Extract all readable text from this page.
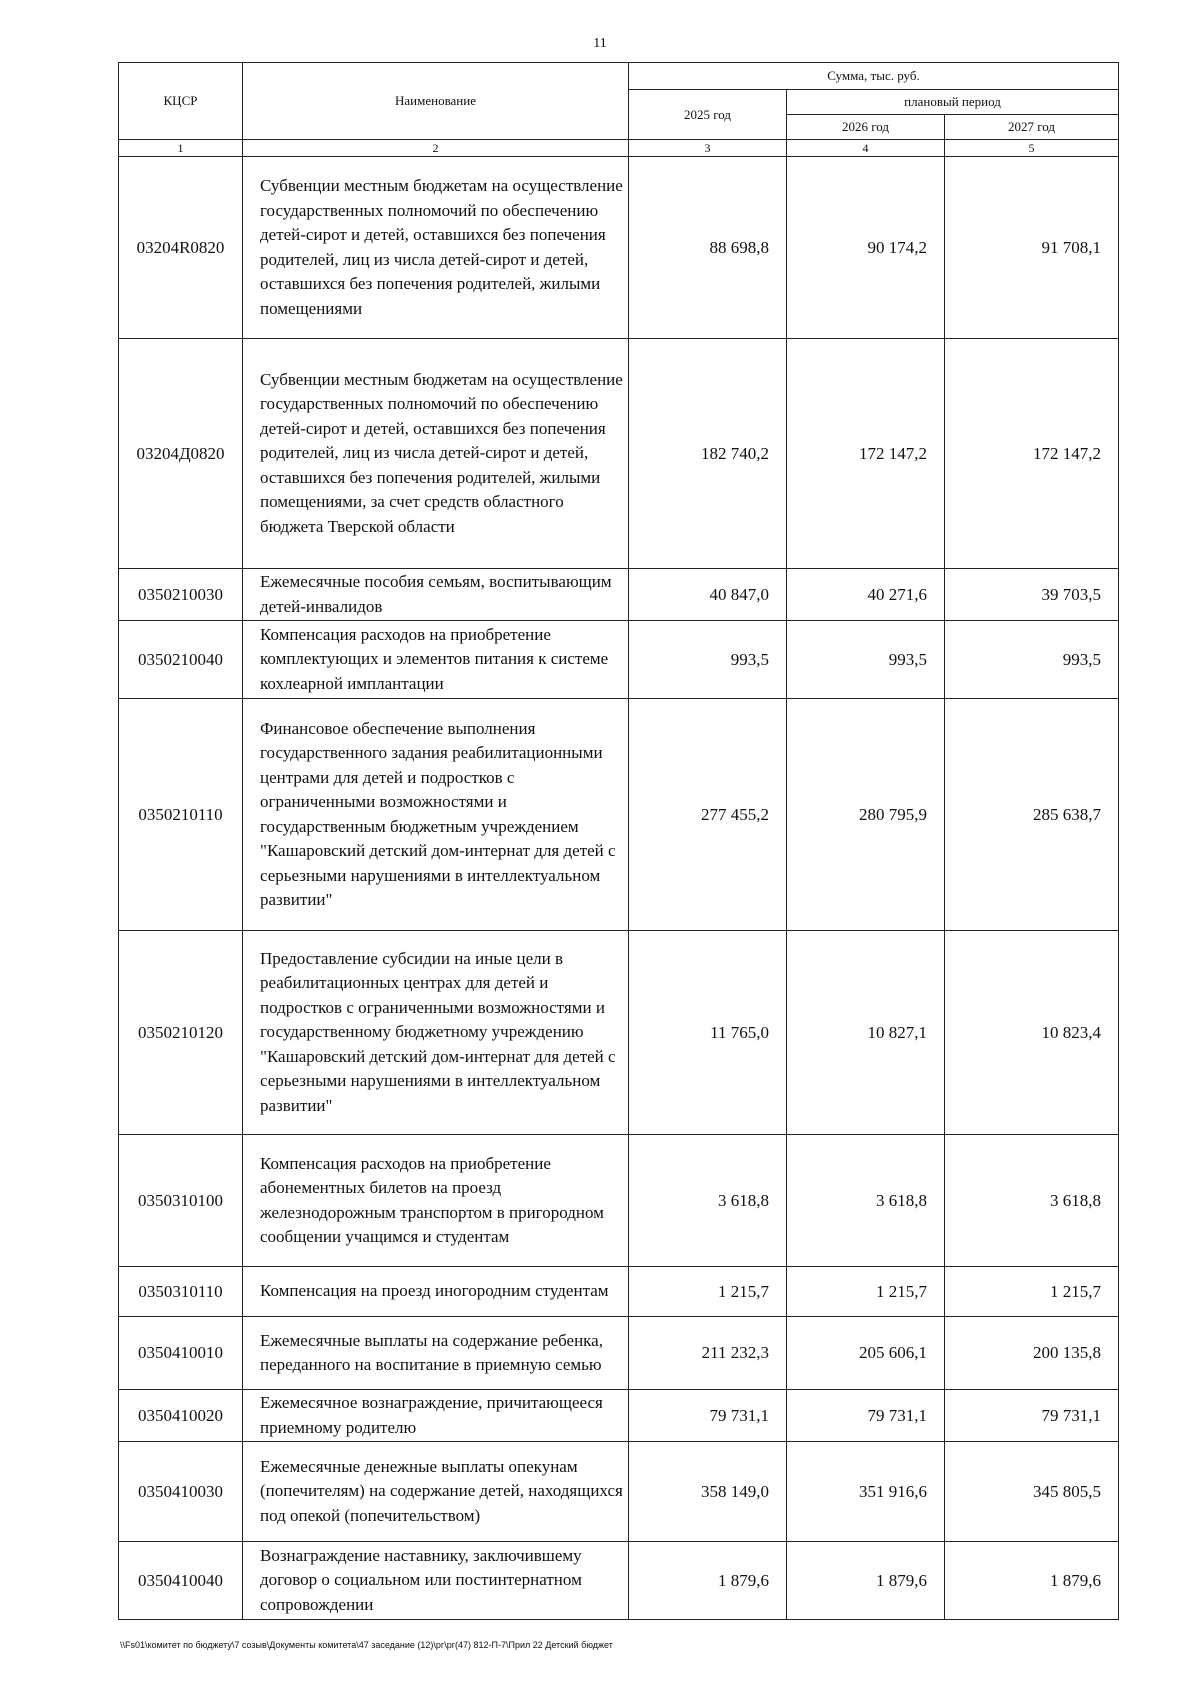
11
КЦСР	Наименование	Сумма, тыс. руб.		
		2025 год	плановый период	
			2026 год	2027 год
1	2	3	4	5
03204R0820	Субвенции местным бюджетам на осуществление государственных полномочий по обеспечению детей-сирот и детей, оставшихся без попечения родителей, лиц из числа детей-сирот и детей, оставшихся без попечения родителей, жилыми помещениями	88 698,8	90 174,2	91 708,1
03204Д0820	Субвенции местным бюджетам на осуществление государственных полномочий по обеспечению детей-сирот и детей, оставшихся без попечения родителей, лиц из числа детей-сирот и детей, оставшихся без попечения родителей, жилыми помещениями, за счет средств областного бюджета Тверской области	182 740,2	172 147,2	172 147,2
0350210030	Ежемесячные пособия семьям, воспитывающим детей-инвалидов	40 847,0	40 271,6	39 703,5
0350210040	Компенсация расходов на приобретение комплектующих и элементов питания к системе кохлеарной имплантации	993,5	993,5	993,5
0350210110	Финансовое обеспечение выполнения государственного задания реабилитационными центрами для детей и подростков с ограниченными возможностями и государственным бюджетным учреждением "Кашаровский детский дом-интернат для детей с серьезными нарушениями в интеллектуальном развитии"	277 455,2	280 795,9	285 638,7
0350210120	Предоставление субсидии на иные цели в реабилитационных центрах для детей и подростков с ограниченными возможностями и государственному бюджетному учреждению "Кашаровский детский дом-интернат для детей с серьезными нарушениями в интеллектуальном развитии"	11 765,0	10 827,1	10 823,4
0350310100	Компенсация расходов на приобретение абонементных билетов на проезд железнодорожным транспортом в пригородном сообщении учащимся и студентам	3 618,8	3 618,8	3 618,8
0350310110	Компенсация на проезд иногородним студентам	1 215,7	1 215,7	1 215,7
0350410010	Ежемесячные выплаты на содержание ребенка, переданного на воспитание в приемную семью	211 232,3	205 606,1	200 135,8
0350410020	Ежемесячное вознаграждение, причитающееся приемному родителю	79 731,1	79 731,1	79 731,1
0350410030	Ежемесячные денежные выплаты опекунам (попечителям) на содержание детей, находящихся под опекой (попечительством)	358 149,0	351 916,6	345 805,5
0350410040	Вознаграждение наставнику, заключившему договор о социальном или постинтернатном сопровождении	1 879,6	1 879,6	1 879,6
\\Fs01\комитет по бюджету\7 созыв\Документы комитета\47 заседание (12)\рг\рг(47) 812-П-7\Прил 22 Детский бюджет
